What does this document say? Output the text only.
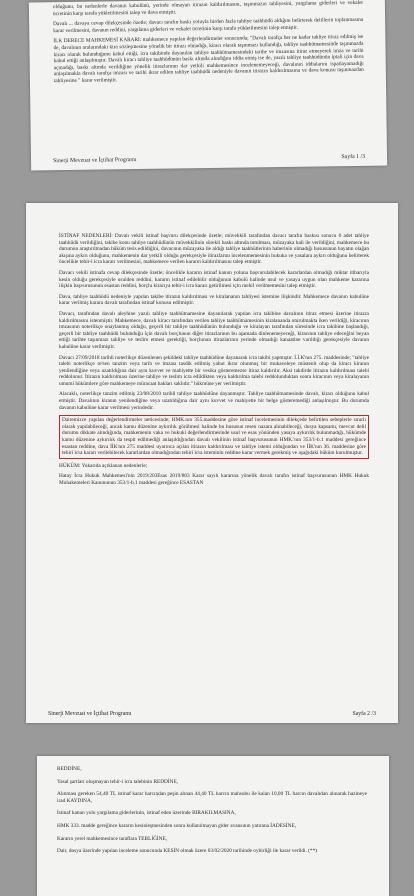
olduğunu, bu nedenlerle davanın kabulünü, yerinde olmayan itirazın kaldırılmasını, taşınmazın tahliyesini, yargılama giderleri ve vekalet ücretinin karşı tarafa yükletilmesini talep ve dava etmiştir.

Davalı ... davaya cevap dilekçesinde özetle; davacı tarafın baskı yoluyla birden fazla tahliye taahhüdü aldığını belirterek delillerin toplanmasına karar verilmesini, davanın reddini, yargılama giderleri ve vekalet ücretinin karşı tarafa yükletilmesini talep etmiştir.

İLK DERECE MAHKEMESİ KARARI: mahkemece yapılan değerlendirmeler sonucunda; "Davalı tarafça her ne kadar tahliye itiraz edilmiş ise de, davalının aralarındaki kira sözleşmesine yönelik bir itirazı olmadığı, kiracı olarak taşınmazı kullandığı, tahliye taahhütnamesinde taşınmazda kiracı olarak bulunduğunu kabul ettiği, icra takibinde dayanılan tahliye taahhütnamesindeki tarihe ve imzasına itiraz etmeyerek imza ve tarihi kabul ettiği anlaşılmıştır. Davalı kiracı tahliye taahhüdünün baskı altında alındığını iddia etmiş ise de, yazılı tahliye taahhüdünün iptali için dava açmadığı, baskı altında verildiğine yönelik itirazlarının dar yetkili mahkemesince incelenemeyeceği, davalının iddialarını ispatlayamadığı anlaşılmakla davalı tarafça imzası ve tarihi ikrar edilen tahliye taahhüdü nedeniyle davanın itirazın kaldırılmasına ve dava konusu taşınmazdan tahliyesine " karar verilmiştir.

Sinerji Mevzuat ve İçtihat Programı
Sayfa 1 /3

İSTİNAF NEDENLERİ: Davalı vekili istinaf başvuru dilekçesinde özetle; müvekkili tarafından davacı tarafın baskısı sonucu 6 adet tahliye taahhüdü verildiğini, takibe konu tahliye taahhüdünün müvekkilinin sürekli baskı altında tutulması, müzayaka hali ile verildiğini, mahkemece bu durumun araştırılmadan hüküm tesis edildiğini, davacının müzayaka ile aldığı tahliye taahhütlerinin haberinin olmadığı hususunun hayatın olağan akışına aykırı olduğunu, mahkemenin dar yetkili olduğu gerekçesiyle itirazlarını incelenmemesinin hukuka ve yasalara aykırı olduğunu belirterek öncelikle tehir-i icra kararı verilmesini, mahkemece verilen kararın kaldırılmasını talep etmiştir.

Davacı vekili istinafa cevap dilekçesinde özetle; öncelikle kararın istinaf kanun yoluna başvurulabilecek kararlardan olmadığı miktar itibarıyla kesin olduğu gerekçesiyle usulden reddini, kararın istinaf edilebilir olduğunun kabulü halinde usul ve yasaya uygun olan mahkeme kararına ilişkin başvurusunun esastan reddini, borçlu kiracıya tehir-i icra kararı getirilmesi için mehil verilmemesini talep etmiştir.

Dava, tahliye taahhüdü nedeniyle yapılan takibe itirazın kaldırılması ve kiralananın tahliyesi istemine ilişkindir. Mahkemece davanın kabulüne karar verilmiş karara davalı tarafından istinaf konusu edilmiştir.

Davacı, tarafından davalı aleyhine yazılı tahliye taahhütnamesine dayanılarak yapılan icra takibine davalının itiraz etmesi üzerine itirazın kaldırılmasını istenmiştir. Mahkemece, davalı kiracı tarafından verilen tahliye taahhütnamesinin kiralananda oturulmakta iken verildiği, kiracının imzasının noterlikçe onaylanmış olduğu, geçerli bir tahliye taahhüdünün bulunduğu ve kiralayan tarafından süresinde icra takibine başlandığı, geçerli bir tahliye taahhüdü bulunduğu için davalı borçlunun diğer itirazlarının bu aşamada dinlenemeyeceği, kiracının tahliye edeceğini beyan ettiği tarihte taşınmazı tahliye ve teslim etmesi gerektiği, borçlunun itirazlarının yerinde olmadığı kanaatine varıldığı gerekçesiyle davanın kabulüne karar verilmiştir.

Davacı 27/09/2018 tarihli noterlikçe düzenlenen şekildeki tahliye taahhüdüne dayanarak icra takibi yapmıştır. İ.İ.K'nın 275. maddesinde; "tahliye talebi noterlikçe re'sen tanzim veya tarih ve imzası tasdik edilmiş yahut ikrar olunmuş bir mukaveleye müstenit olup da kiracı kiranın yenilendiğine veya uzatıldığına dair aynı kuvvet ve mahiyette bir vesika gösteremezse itiraz kaldırılır. Aksi takdirde itirazın kaldırılması talebi reddolunur. İtirazın kaldırılması üzerine tahliye ve teslim icra edildikten veya kaldırılma talebi reddolunduktan sonra kiracının veya kiralayanın umumi hükümlere göre mahkemeye müracaat hakları saklıdır." hükmüne yer verilmiştir.

Alacaklı, noterlikçe tanzim edilmiş 23/08/2010 tarihli tahliye taahhüdüne dayanmıştır. Tahliye taahhütnamesinde davalı, kiracı olduğunu kabul etmiştir. Davalının kiranın yenilendiğine veya uzatıldığına dair aynı kuvvet ve mahiyette bir belge gösteremediği anlaşılmıştır. Bu durumda davanın kabulüne karar verilmesi yerindedir.

Dairemizce yapılan değerlendirmeler neticesinde; HMK.nın 355.maddesine göre istinaf incelemesinin dilekçede belirtilen sebeplerle sınırlı olarak yapılabileceği, ancak kamu düzenine aykırılık görülmesi halinde bu hususun resen nazara alınabileceği, dosya kapsamı, mevcut delil durumu dikkate alındığında, mahkemenin vaka ve hukuki değerlendirmesinde usul ve esas yönünden yasaya aykırılık bulunmadığı, hükümde kamu düzenine aykırılık da tespit edilmediği anlaşıldığından davalı vekilinin istinaf başvurusunun HMK.'nın 353/1-b.1 maddesi gereğince esastan reddine, dava İİK'nın 275 maddesi uyarınca açılan itirazın kaldırılması ve tahliye istemi olduğundan ve İİK'nın 36. maddesine göre tehiri icra kararı verilebilecek kararlardan olmadığından tehiri icra isteminin reddine karar vermek gerekmiş ve aşağıdaki hüküm kurulmuştur.

HÜKÜM: Yukarıda açıklanan nedenlerle;

Hatay İcra Hukuk Mahkemesi'nin 2019/203Esas 2019/803 Karar sayılı kararına yönelik davalı tarafın istinaf başvurusunun HMK Hukuk Muhakemeleri Kanununun 353/1-b.1 maddesi gereğince ESASTAN

Sinerji Mevzuat ve İçtihat Programı	Sayfa 2 /3

REDDİNE,

Yasal şartları oluşmayan tehir-i icra talebinin REDDİNE,

Alınması gereken 54,40 TL istinaf karar harcından peşin alınan 44,40 TL harcın mahsubu ile kalan 10,00 TL harcın davalıdan alınarak hazineye irad KAYDINA,

İstinaf kanun yolu yargılama giderlerinin, istinaf eden üzerinde BIRAKILMASINA,

HMK 333. madde gereğince kararın kesinleşmesinden sonra kullanılmayan gider avansının yatırana İADESİNE,

Kararın yerel mahkemesince taraflara TEBLİĞİNE,

Dair, dosya üzerinde yapılan inceleme sonucunda KESİN olmak üzere 03/02/2020 tarihinde oybirliği ile karar verildi. (**)
